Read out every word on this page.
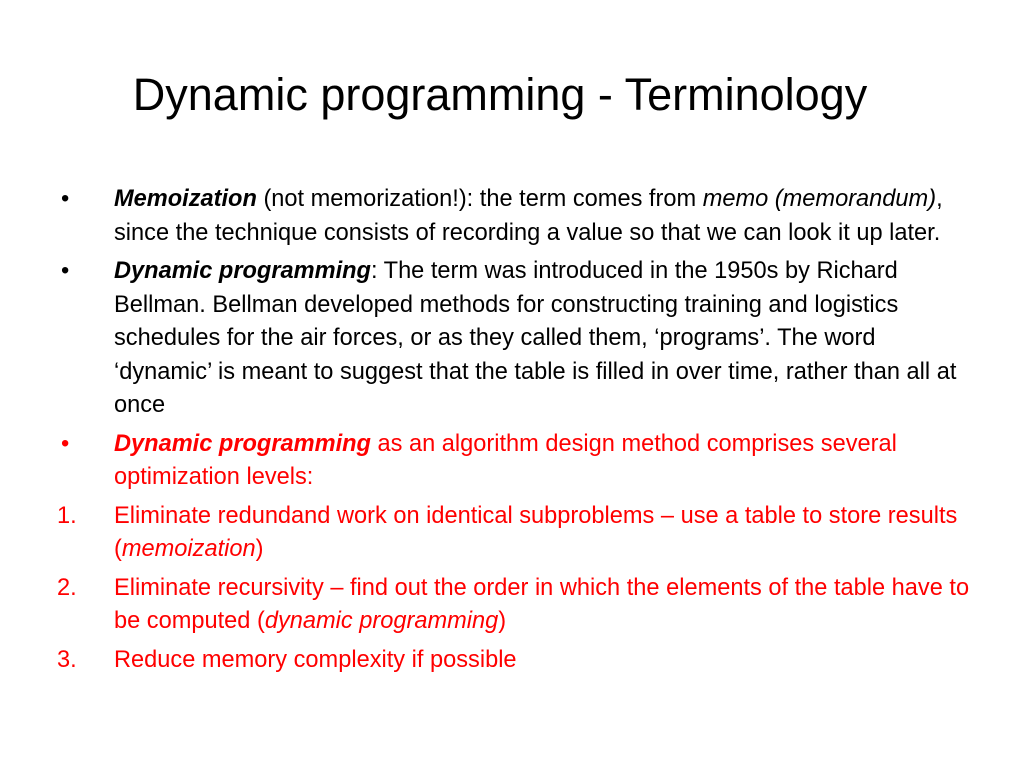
Dynamic programming - Terminology
•	Memoization (not memorization!): the term comes from memo (memorandum), since the technique consists of recording a value so that we can look it up later.
•	Dynamic programming: The term was introduced in the 1950s by Richard Bellman. Bellman developed methods for constructing training and logistics schedules for the air forces, or as they called them, ‘programs’. The word ‘dynamic’ is meant to suggest that the table is filled in over time, rather than all at once
•	Dynamic programming as an algorithm design method comprises several optimization levels:
1.	Eliminate redundand work on identical subproblems – use a table to store results (memoization)
2.	Eliminate recursivity – find out the order in which the elements of the table have to be computed (dynamic programming)
3.	Reduce memory complexity if possible
